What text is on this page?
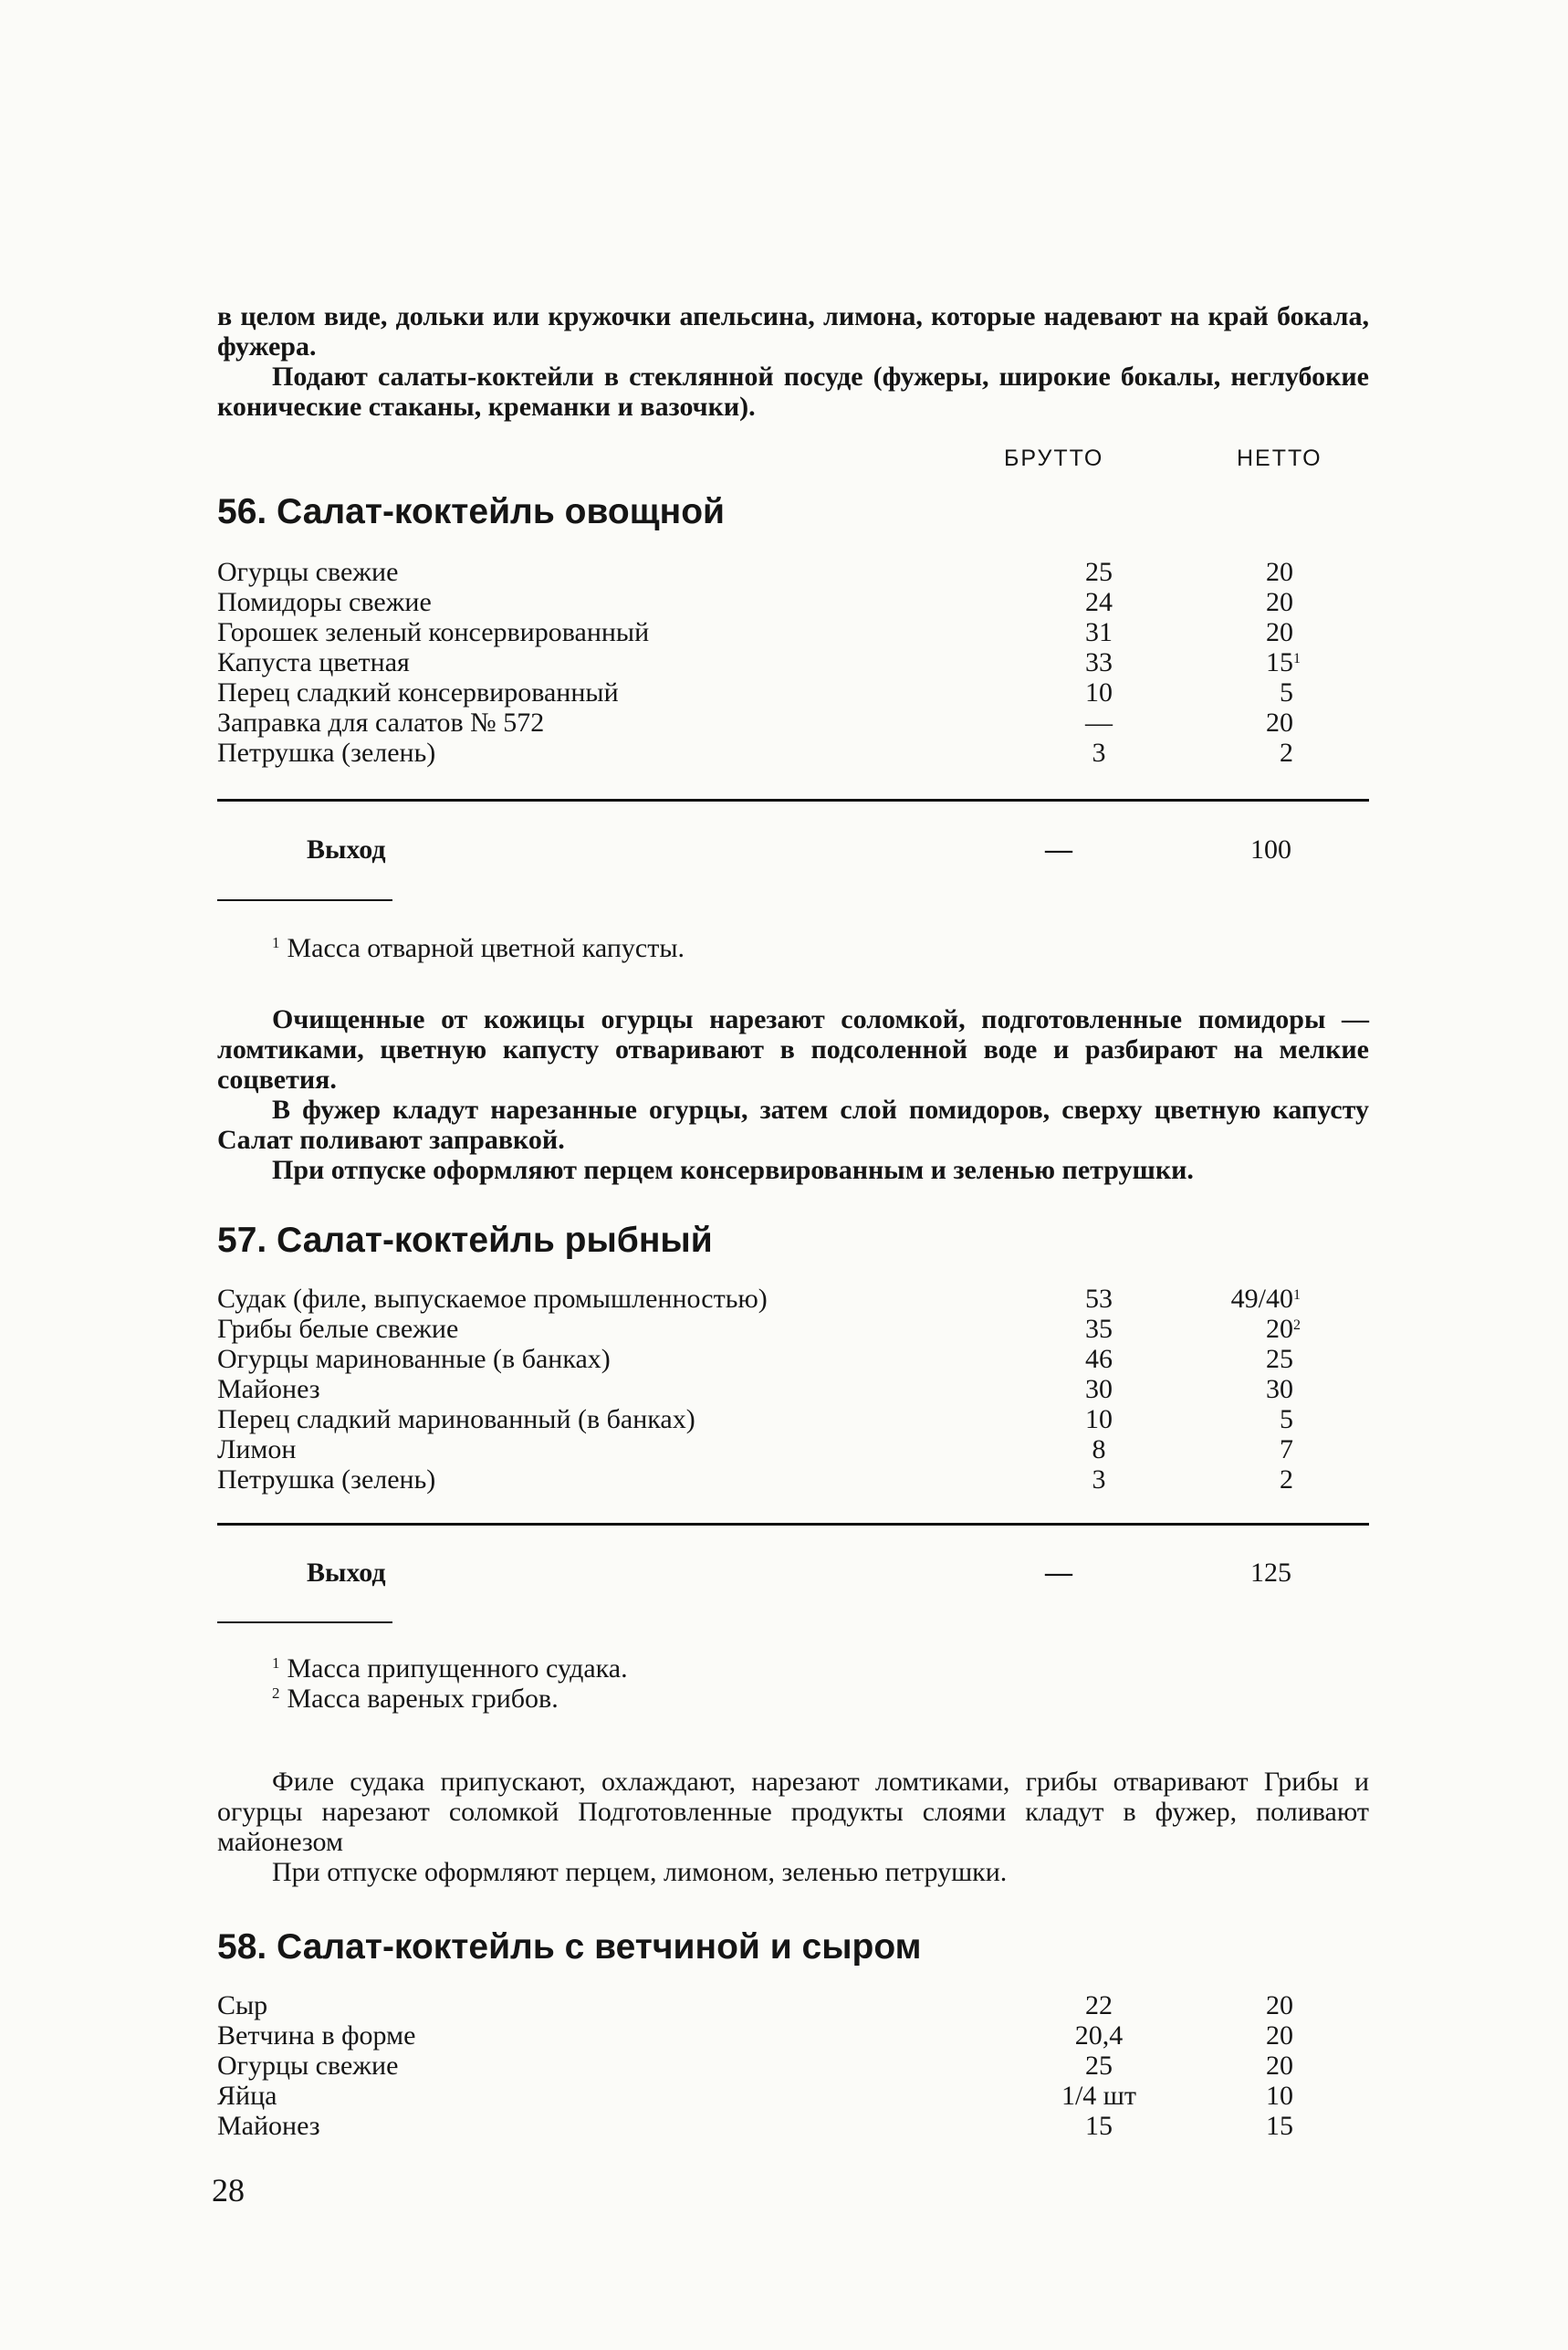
в целом виде, дольки или кружочки апельсина, лимона, которые надевают на край бокала, фужера.

Подают салаты-коктейли в стеклянной посуде (фужеры, широкие бокалы, неглубокие конические стаканы, креманки и вазочки).

БРУТТО	НЕТТО
56. Салат-коктейль овощной
Огурцы свежие	25	20
Помидоры свежие	24	20
Горошек зеленый консервированный	31	20
Капуста цветная	33	15 1
Перец сладкий консервированный	10	5
Заправка для салатов № 572	—	20
Петрушка (зелень)	3	2
Выход	—	100
$^1$ Масса отварной цветной капусты.

Очищенные от кожицы огурцы нарезают соломкой, подготовленные помидоры — ломтиками, цветную капусту отваривают в подсоленной воде и разбирают на мелкие соцветия.

В фужер кладут нарезанные огурцы, затем слой помидоров, сверху цветную капусту Салат поливают заправкой.

При отпуске оформляют перцем консервированным и зеленью петрушки.

57. Салат-коктейль рыбный
Судак (филе, выпускаемое промышленностью)	53	49/40 1
Грибы белые свежие	35	20 2
Огурцы маринованные (в банках)	46	25
Майонез	30	30
Перец сладкий маринованный (в банках)	10	5
Лимон	8	7
Петрушка (зелень)	3	2
Выход	—	125
$^1$ Масса припущенного судака.
$^2$ Масса вареных грибов.

Филе судака припускают, охлаждают, нарезают ломтиками, грибы отваривают Грибы и огурцы нарезают соломкой Подготовленные продукты слоями кладут в фужер, поливают майонезом

При отпуске оформляют перцем, лимоном, зеленью петрушки.

58. Салат-коктейль с ветчиной и сыром
Сыр	22	20
Ветчина в форме	20,4	20
Огурцы свежие	25	20
Яйца	1/4 шт	10
Майонез	15	15
28
